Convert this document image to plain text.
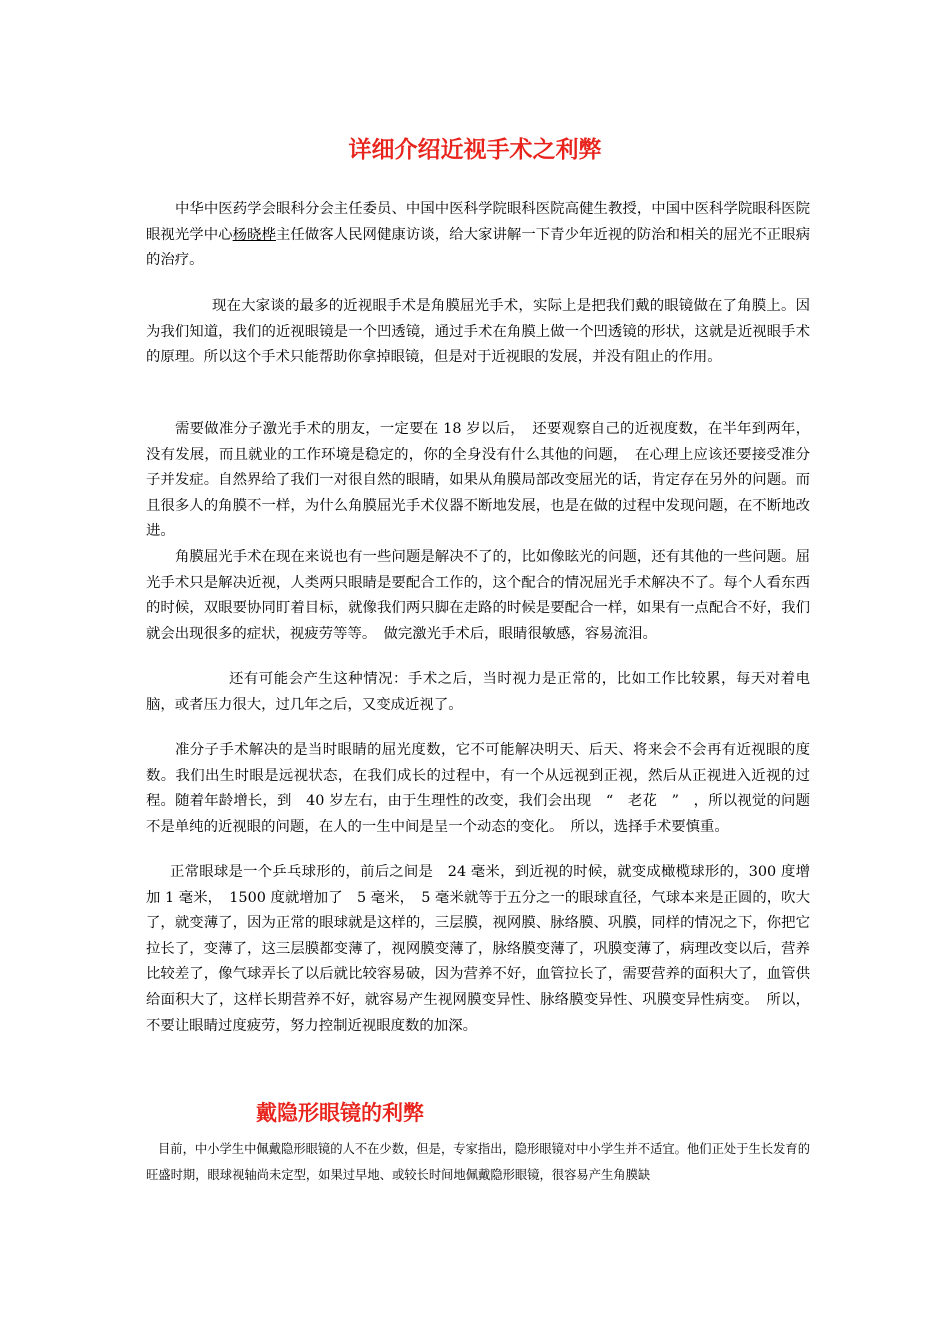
详细介绍近视手术之利弊

中华中医药学会眼科分会主任委员、中国中医科学院眼科医院高健生教授，中国中医科学院眼科医院眼视光学中心杨晓桦主任做客人民网健康访谈，给大家讲解一下青少年近视的防治和相关的屈光不正眼病的治疗。

现在大家谈的最多的近视眼手术是角膜屈光手术，实际上是把我们戴的眼镜做在了角膜上。因为我们知道，我们的近视眼镜是一个凹透镜，通过手术在角膜上做一个凹透镜的形状，这就是近视眼手术的原理。所以这个手术只能帮助你拿掉眼镜，但是对于近视眼的发展，并没有阻止的作用。

需要做准分子激光手术的朋友，一定要在 18 岁以后，　还要观察自己的近视度数，在半年到两年，没有发展，而且就业的工作环境是稳定的，你的全身没有什么其他的问题，　在心理上应该还要接受准分子并发症。自然界给了我们一对很自然的眼睛，如果从角膜局部改变屈光的话，肯定存在另外的问题。而且很多人的角膜不一样，为什么角膜屈光手术仪器不断地发展，也是在做的过程中发现问题，在不断地改进。

角膜屈光手术在现在来说也有一些问题是解决不了的，比如像眩光的问题，还有其他的一些问题。屈光手术只是解决近视，人类两只眼睛是要配合工作的，这个配合的情况屈光手术解决不了。每个人看东西的时候，双眼要协同盯着目标，就像我们两只脚在走路的时候是要配合一样，如果有一点配合不好，我们就会出现很多的症状，视疲劳等等。　做完激光手术后，眼睛很敏感，容易流泪。

还有可能会产生这种情况：手术之后，当时视力是正常的，比如工作比较累，每天对着电脑，或者压力很大，过几年之后，又变成近视了。

准分子手术解决的是当时眼睛的屈光度数，它不可能解决明天、后天、将来会不会再有近视眼的度数。我们出生时眼是远视状态，在我们成长的过程中，有一个从远视到正视，然后从正视进入近视的过程。随着年龄增长，到　40 岁左右，由于生理性的改变，我们会出现　“　老花　”　，所以视觉的问题不是单纯的近视眼的问题，在人的一生中间是呈一个动态的变化。　所以，选择手术要慎重。

正常眼球是一个乒乓球形的，前后之间是　24 毫米，到近视的时候，就变成橄榄球形的，300 度增加 1 毫米，　1500 度就增加了　5 毫米，　5 毫米就等于五分之一的眼球直径，气球本来是正圆的，吹大了，就变薄了，因为正常的眼球就是这样的，三层膜，视网膜、脉络膜、巩膜，同样的情况之下，你把它拉长了，变薄了，这三层膜都变薄了，视网膜变薄了，脉络膜变薄了，巩膜变薄了，病理改变以后，营养比较差了，像气球弄长了以后就比较容易破，因为营养不好，血管拉长了，需要营养的面积大了，血管供给面积大了，这样长期营养不好，就容易产生视网膜变异性、脉络膜变异性、巩膜变异性病变。　所以，不要让眼睛过度疲劳，努力控制近视眼度数的加深。

戴隐形眼镜的利弊

目前，中小学生中佩戴隐形眼镜的人不在少数，但是，专家指出，隐形眼镜对中小学生并不适宜。他们正处于生长发育的旺盛时期，眼球视轴尚未定型，如果过早地、或较长时间地佩戴隐形眼镜，很容易产生角膜缺
